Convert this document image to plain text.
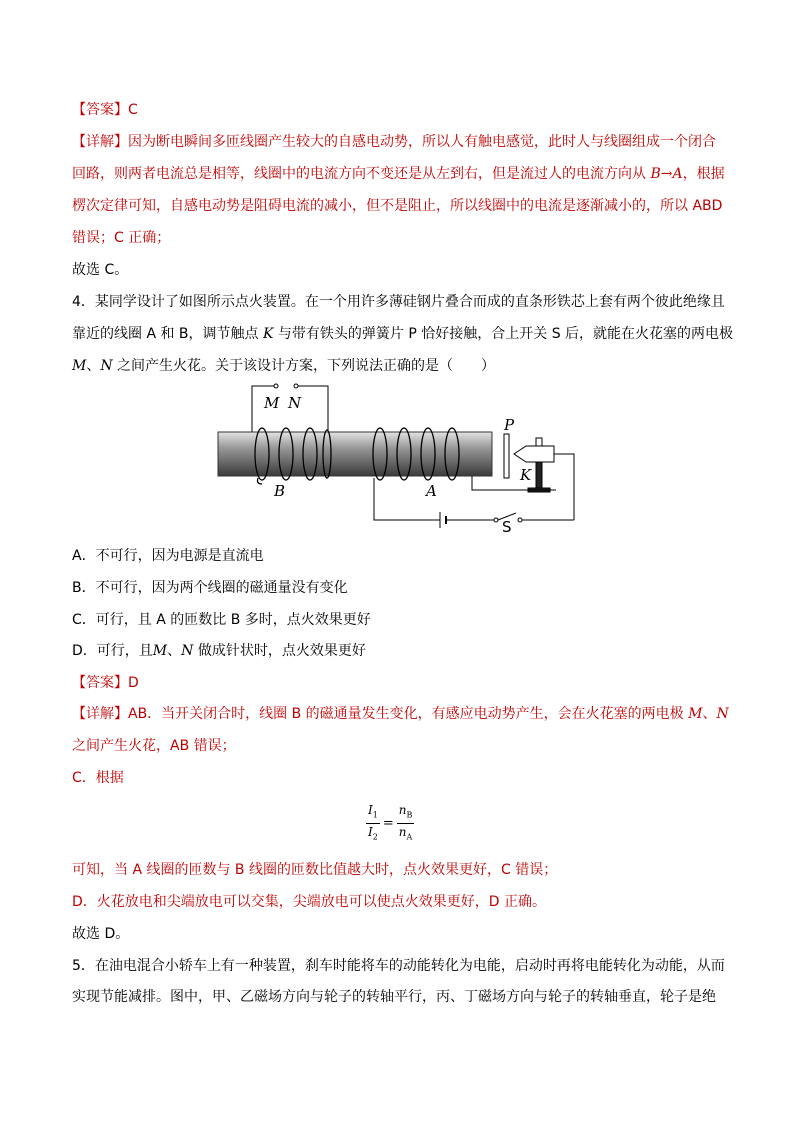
【答案】C
【详解】因为断电瞬间多匝线圈产生较大的自感电动势，所以人有触电感觉，此时人与线圈组成一个闭合
回路，则两者电流总是相等，线圈中的电流方向不变还是从左到右，但是流过人的电流方向从 B→A，根据
楞次定律可知，自感电动势是阻碍电流的减小，但不是阻止，所以线圈中的电流是逐渐减小的，所以 ABD
错误；C 正确；
故选 C。
4．某同学设计了如图所示点火装置。在一个用许多薄硅钢片叠合而成的直条形铁芯上套有两个彼此绝缘且
靠近的线圈 A 和 B，调节触点 K 与带有铁头的弹簧片 P 恰好接触，合上开关 S 后，就能在火花塞的两电极
M、N 之间产生火花。关于该设计方案，下列说法正确的是（　　）
M N
B	A
P
K
S
A．不可行，因为电源是直流电
B．不可行，因为两个线圈的磁通量没有变化
C．可行，且 A 的匝数比 B 多时，点火效果更好
D．可行，且M、N 做成针状时，点火效果更好
【答案】D
【详解】AB．当开关闭合时，线圈 B 的磁通量发生变化，有感应电动势产生，会在火花塞的两电极 M、N
之间产生火花，AB 错误；
C．根据
$\frac{I_1}{I_2} = \frac{n_B}{n_A}$
可知，当 A 线圈的匝数与 B 线圈的匝数比值越大时，点火效果更好，C 错误；
D．火花放电和尖端放电可以交集，尖端放电可以使点火效果更好，D 正确。
故选 D。
5．在油电混合小轿车上有一种装置，刹车时能将车的动能转化为电能，启动时再将电能转化为动能，从而
实现节能减排。图中，甲、乙磁场方向与轮子的转轴平行，丙、丁磁场方向与轮子的转轴垂直，轮子是绝
